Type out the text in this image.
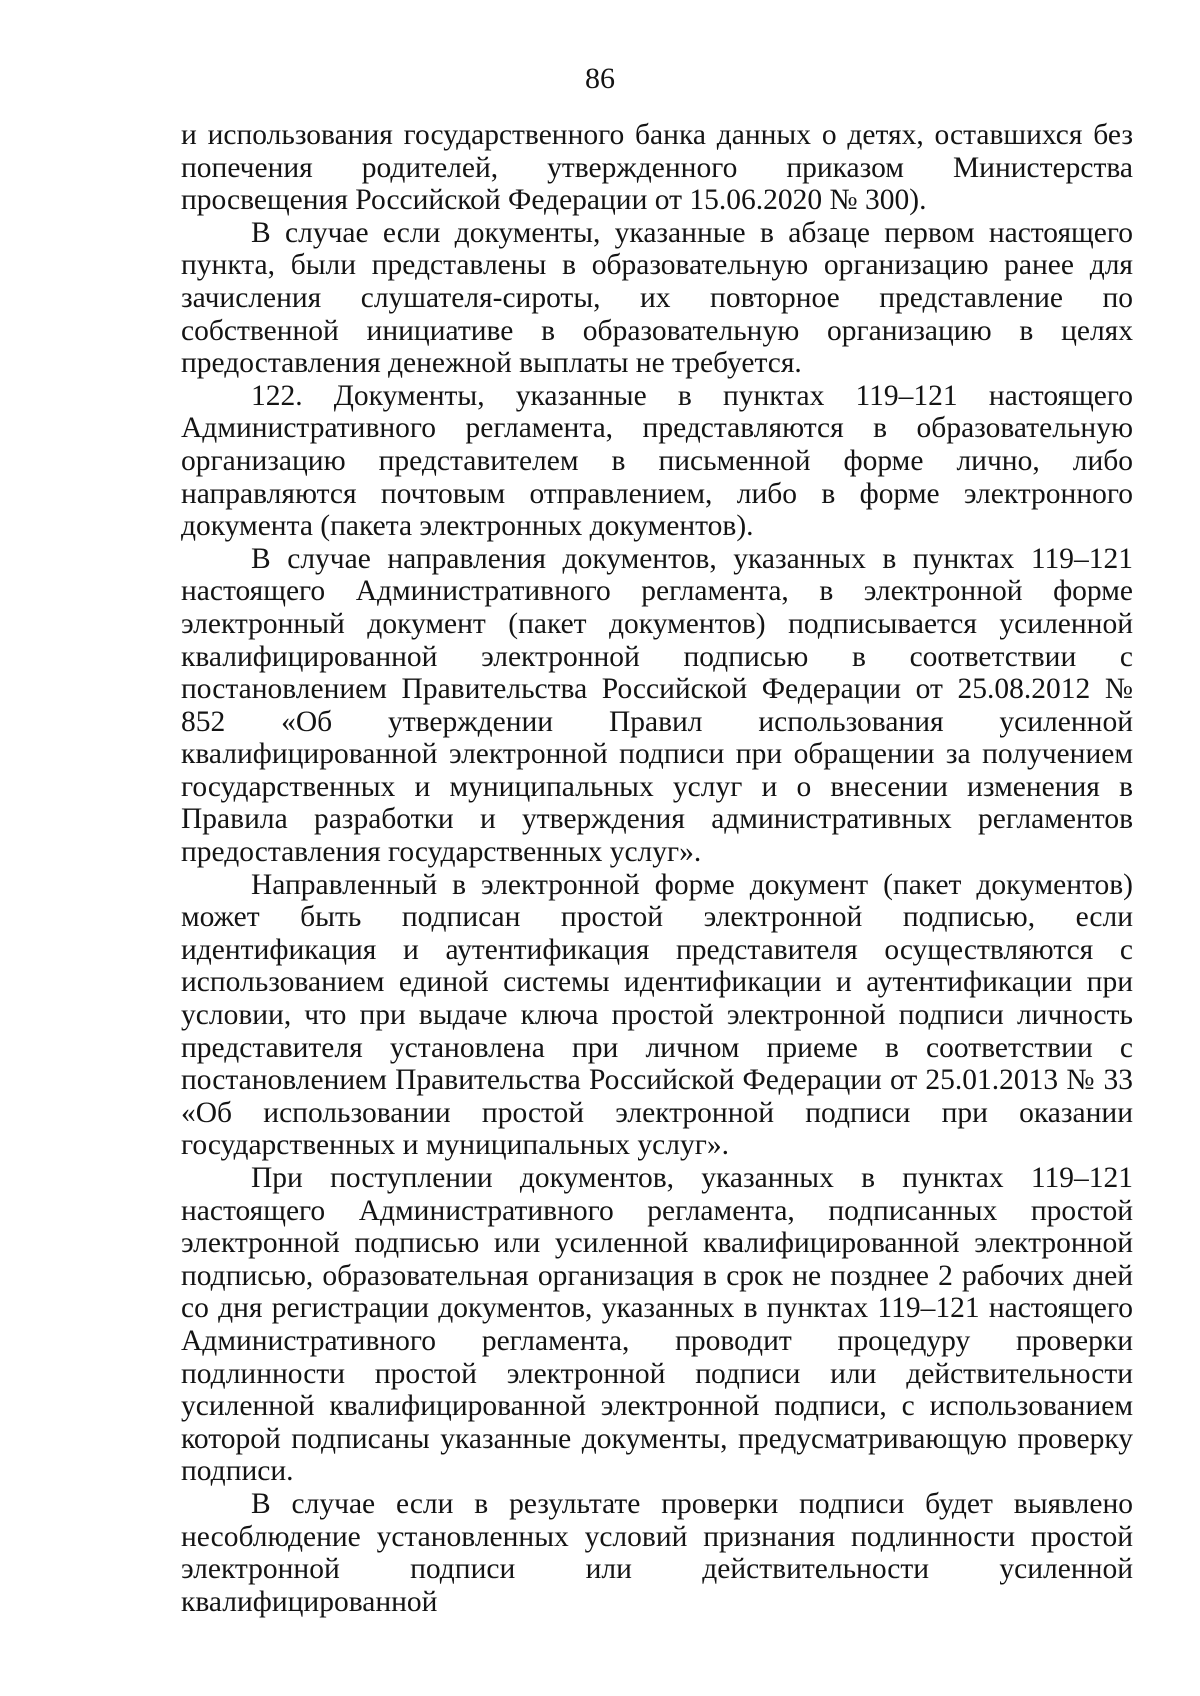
86

и использования государственного банка данных о детях, оставшихся без попечения родителей, утвержденного приказом Министерства просвещения Российской Федерации от 15.06.2020 № 300).

В случае если документы, указанные в абзаце первом настоящего пункта, были представлены в образовательную организацию ранее для зачисления слушателя-сироты, их повторное представление по собственной инициативе в образовательную организацию в целях предоставления денежной выплаты не требуется.

122. Документы, указанные в пунктах 119–121 настоящего Административного регламента, представляются в образовательную организацию представителем в письменной форме лично, либо направляются почтовым отправлением, либо в форме электронного документа (пакета электронных документов).

В случае направления документов, указанных в пунктах 119–121 настоящего Административного регламента, в электронной форме электронный документ (пакет документов) подписывается усиленной квалифицированной электронной подписью в соответствии с постановлением Правительства Российской Федерации от 25.08.2012 № 852 «Об утверждении Правил использования усиленной квалифицированной электронной подписи при обращении за получением государственных и муниципальных услуг и о внесении изменения в Правила разработки и утверждения административных регламентов предоставления государственных услуг».

Направленный в электронной форме документ (пакет документов) может быть подписан простой электронной подписью, если идентификация и аутентификация представителя осуществляются с использованием единой системы идентификации и аутентификации при условии, что при выдаче ключа простой электронной подписи личность представителя установлена при личном приеме в соответствии с постановлением Правительства Российской Федерации от 25.01.2013 № 33 «Об использовании простой электронной подписи при оказании государственных и муниципальных услуг».

При поступлении документов, указанных в пунктах 119–121 настоящего Административного регламента, подписанных простой электронной подписью или усиленной квалифицированной электронной подписью, образовательная организация в срок не позднее 2 рабочих дней со дня регистрации документов, указанных в пунктах 119–121 настоящего Административного регламента, проводит процедуру проверки подлинности простой электронной подписи или действительности усиленной квалифицированной электронной подписи, с использованием которой подписаны указанные документы, предусматривающую проверку подписи.

В случае если в результате проверки подписи будет выявлено несоблюдение установленных условий признания подлинности простой электронной подписи или действительности усиленной квалифицированной
